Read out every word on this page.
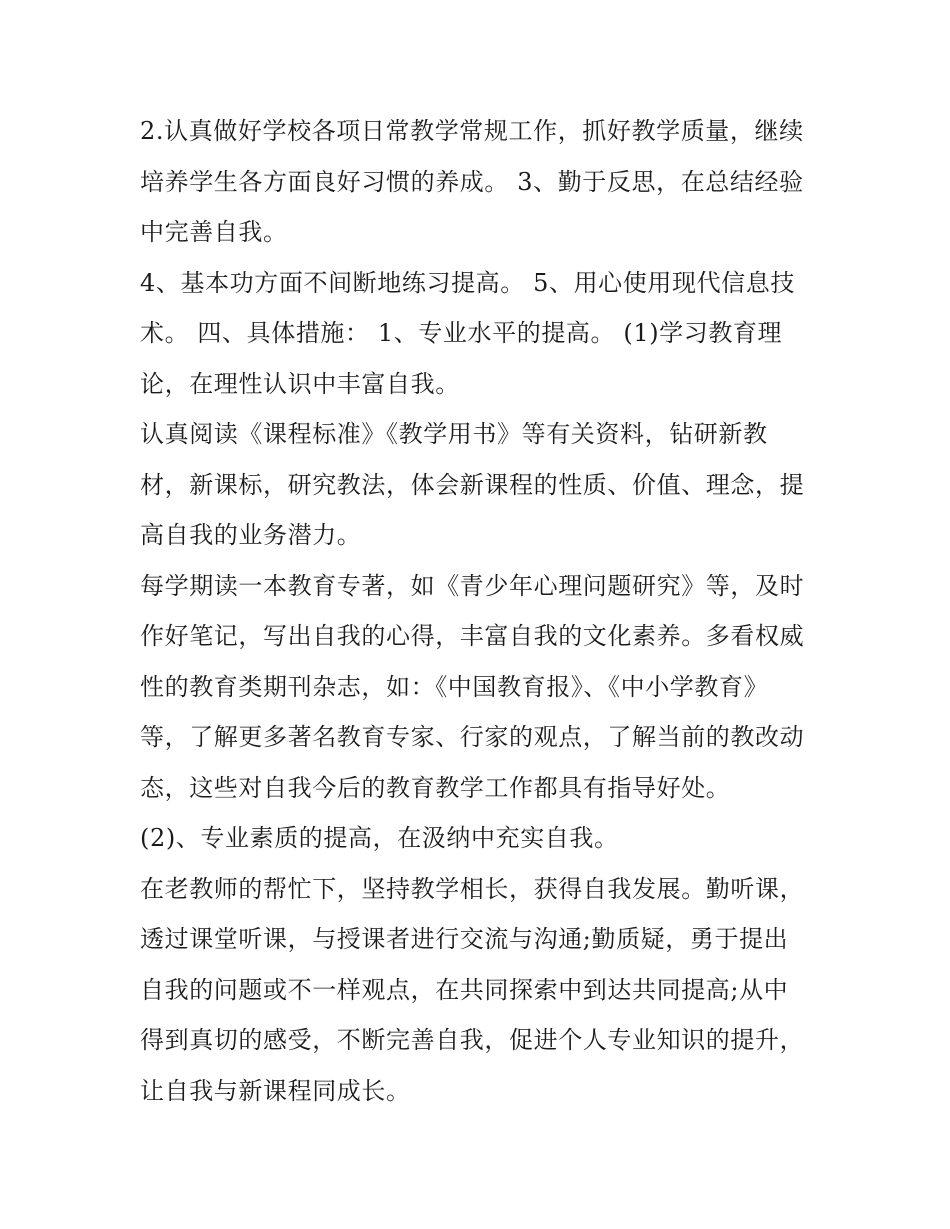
2.认真做好学校各项日常教学常规工作，抓好教学质量，继续
培养学生各方面良好习惯的养成。 3、勤于反思，在总结经验
中完善自我。
4、基本功方面不间断地练习提高。 5、用心使用现代信息技
术。 四、具体措施： 1、专业水平的提高。 (1)学习教育理
论，在理性认识中丰富自我。
认真阅读《课程标准》《教学用书》等有关资料，钻研新教
材，新课标，研究教法，体会新课程的性质、价值、理念，提
高自我的业务潜力。
每学期读一本教育专著，如《青少年心理问题研究》等，及时
作好笔记，写出自我的心得，丰富自我的文化素养。多看权威
性的教育类期刊杂志，如：《中国教育报》、《中小学教育》
等，了解更多著名教育专家、行家的观点，了解当前的教改动
态，这些对自我今后的教育教学工作都具有指导好处。
(2)、专业素质的提高，在汲纳中充实自我。
在老教师的帮忙下，坚持教学相长，获得自我发展。勤听课，
透过课堂听课，与授课者进行交流与沟通;勤质疑，勇于提出
自我的问题或不一样观点，在共同探索中到达共同提高;从中
得到真切的感受，不断完善自我，促进个人专业知识的提升，
让自我与新课程同成长。
